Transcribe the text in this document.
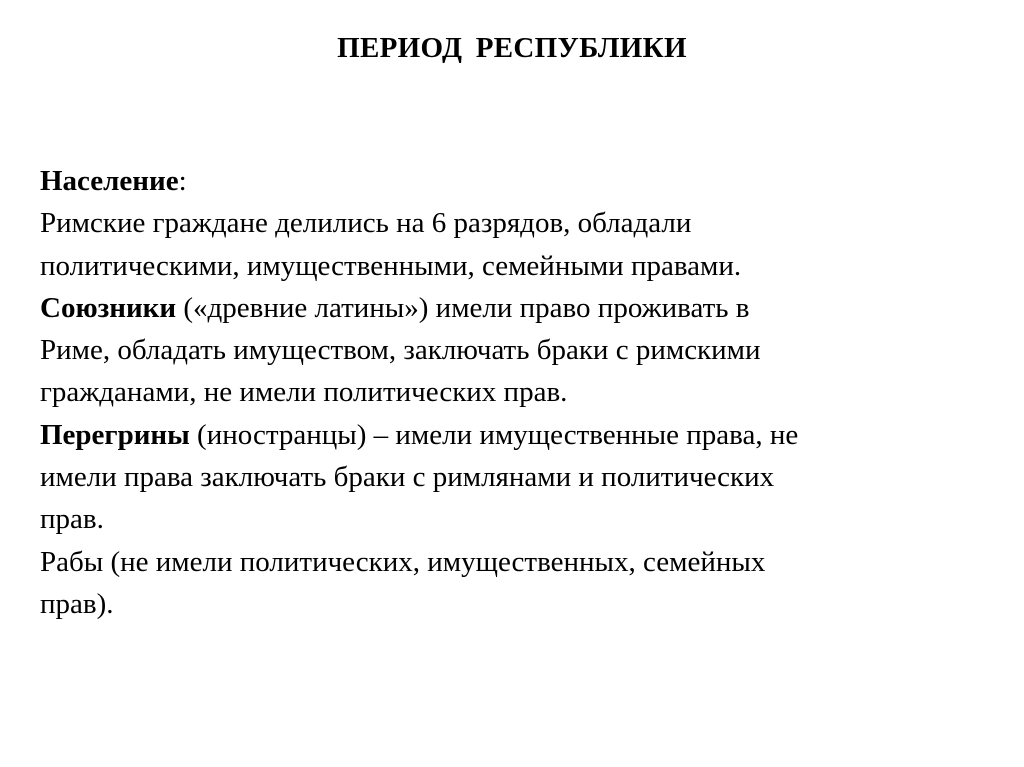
ПЕРИОД РЕСПУБЛИКИ
Население:
Римские граждане делились на 6 разрядов, обладали
политическими, имущественными, семейными правами.
Союзники («древние латины») имели право проживать в
Риме, обладать имуществом, заключать браки с римскими
гражданами, не имели политических прав.
Перегрины (иностранцы) – имели имущественные права, не
имели права заключать браки с римлянами и политических
прав.
Рабы (не имели политических, имущественных, семейных
прав).
